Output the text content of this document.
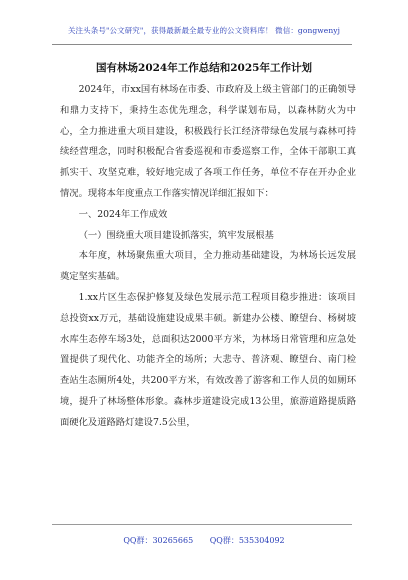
关注头条号"公文研究"，获得最新最全最专业的公文资料库！ 微信：gongwenyj
国有林场2024年工作总结和2025年工作计划

2024年，市xx国有林场在市委、市政府及上级主管部门的正确领导和鼎力支持下，秉持生态优先理念，科学谋划布局，以森林防火为中心，全力推进重大项目建设，积极践行长江经济带绿色发展与森林可持续经营理念，同时积极配合省委巡视和市委巡察工作，全体干部职工真抓实干、攻坚克难，较好地完成了各项工作任务，单位不存在开办企业情况。现将本年度重点工作落实情况详细汇报如下：

一、2024年工作成效

（一）围绕重大项目建设抓落实，筑牢发展根基

本年度，林场聚焦重大项目，全力推动基础建设，为林场长远发展奠定坚实基础。

1.xx片区生态保护修复及绿色发展示范工程项目稳步推进：该项目总投资xx万元，基础设施建设成果丰硕。新建办公楼、瞭望台、杨树坡水库生态停车场3处，总面积达2000平方米，为林场日常管理和应急处置提供了现代化、功能齐全的场所；大悲寺、普济观、瞭望台、南门检查站生态厕所4处，共200平方米，有效改善了游客和工作人员的如厕环境，提升了林场整体形象。森林步道建设完成13公里，旅游道路提质路面硬化及道路路灯建设7.5公里，

QQ群：30265665 QQ群：535304092
